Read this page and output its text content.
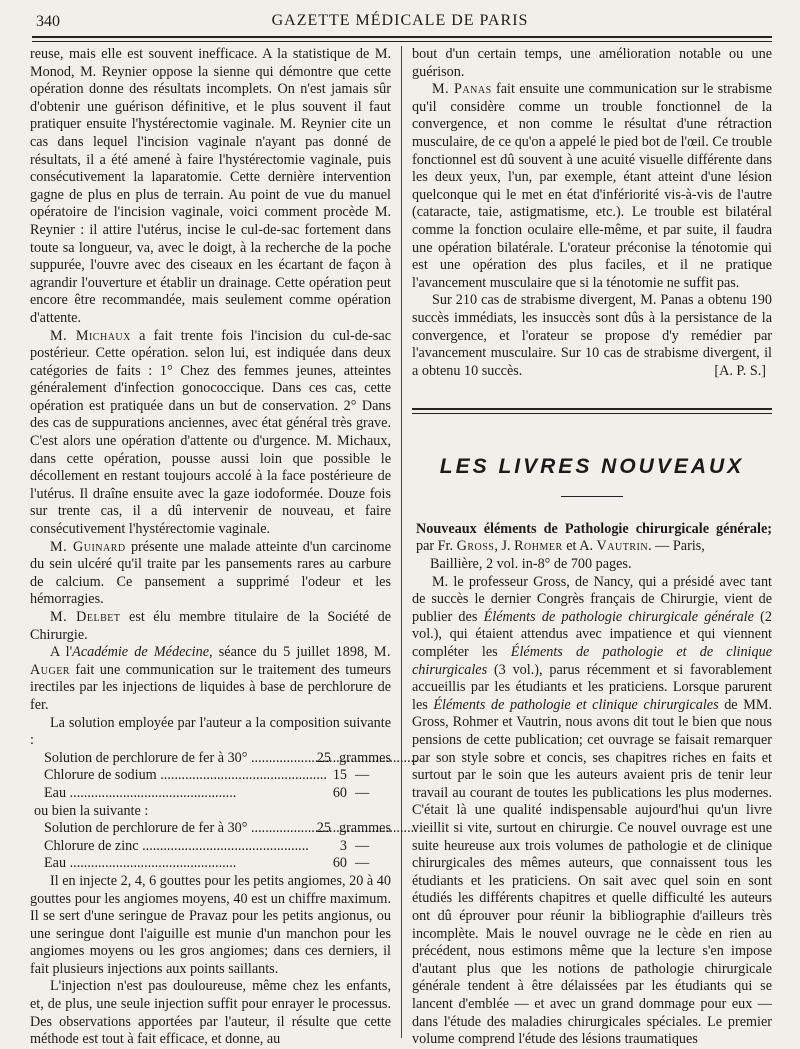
340	GAZETTE MÉDICALE DE PARIS

reuse, mais elle est souvent inefficace. A la statistique de M. Monod, M. Reynier oppose la sienne qui démontre que cette opération donne des résultats incomplets. On n'est jamais sûr d'obtenir une guérison définitive, et le plus souvent il faut pratiquer ensuite l'hystérectomie vaginale. M. Reynier cite un cas dans lequel l'incision vaginale n'ayant pas donné de résultats, il a été amené à faire l'hystérectomie vaginale, puis consécutivement la laparatomie. Cette dernière intervention gagne de plus en plus de terrain. Au point de vue du manuel opératoire de l'incision vaginale, voici comment procède M. Reynier : il attire l'utérus, incise le cul-de-sac fortement dans toute sa longueur, va, avec le doigt, à la recherche de la poche suppurée, l'ouvre avec des ciseaux en les écartant de façon à agrandir l'ouverture et établir un drainage. Cette opération peut encore être recommandée, mais seulement comme opération d'attente.

M. Michaux a fait trente fois l'incision du cul-de-sac postérieur. Cette opération. selon lui, est indiquée dans deux catégories de faits : 1° Chez des femmes jeunes, atteintes généralement d'infection gonococcique. Dans ces cas, cette opération est pratiquée dans un but de conservation. 2° Dans des cas de suppurations anciennes, avec état général très grave. C'est alors une opération d'attente ou d'urgence. M. Michaux, dans cette opération, pousse aussi loin que possible le décollement en restant toujours accolé à la face postérieure de l'utérus. Il draîne ensuite avec la gaze iodoformée. Douze fois sur trente cas, il a dû intervenir de nouveau, et faire consécutivement l'hystérectomie vaginale.

M. Guinard présente une malade atteinte d'un carcinome du sein ulcéré qu'il traite par les pansements rares au carbure de calcium. Ce pansement a supprimé l'odeur et les hémorragies.

M. Delbet est élu membre titulaire de la Société de Chirurgie.

A l'Académie de Médecine, séance du 5 juillet 1898, M. Auger fait une communication sur le traitement des tumeurs irectiles par les injections de liquides à base de perchlorure de fer.

La solution employée par l'auteur a la composition suivante :

Solution de perchlorure de fer à 30° .....	25 grammes
Chlorure de sodium .....	15 —
Eau .....	60 —

ou bien la suivante :

Solution de perchlorure de fer à 30° .....	25 grammes
Chlorure de zinc .....	3 —
Eau .....	60 —

Il en injecte 2, 4, 6 gouttes pour les petits angiomes, 20 à 40 gouttes pour les angiomes moyens, 40 est un chiffre maximum. Il se sert d'une seringue de Pravaz pour les petits angionus, ou une seringue dont l'aiguille est munie d'un manchon pour les angiomes moyens ou les gros angiomes; dans ces derniers, il fait plusieurs injections aux points saillants.

L'injection n'est pas douloureuse, même chez les enfants, et, de plus, une seule injection suffit pour enrayer le processus. Des observations apportées par l'auteur, il résulte que cette méthode est tout à fait efficace, et donne, au

bout d'un certain temps, une amélioration notable ou une guérison.

M. Panas fait ensuite une communication sur le strabisme qu'il considère comme un trouble fonctionnel de la convergence, et non comme le résultat d'une rétraction musculaire, de ce qu'on a appelé le pied bot de l'œil. Ce trouble fonctionnel est dû souvent à une acuité visuelle différente dans les deux yeux, l'un, par exemple, étant atteint d'une lésion quelconque qui le met en état d'infériorité vis-à-vis de l'autre (cataracte, taie, astigmatisme, etc.). Le trouble est bilatéral comme la fonction oculaire elle-même, et par suite, il faudra une opération bilatérale. L'orateur préconise la ténotomie qui est une opération des plus faciles, et il ne pratique l'avancement musculaire que si la ténotomie ne suffit pas.

Sur 210 cas de strabisme divergent, M. Panas a obtenu 190 succès immédiats, les insuccès sont dûs à la persistance de la convergence, et l'orateur se propose d'y remédier par l'avancement musculaire. Sur 10 cas de strabisme divergent, il a obtenu 10 succès.	[A. P. S.]

LES LIVRES NOUVEAUX

Nouveaux éléments de Pathologie chirurgicale générale; par Fr. Gross, J. Rohmer et A. Vautrin. — Paris,
Baillière, 2 vol. in-8° de 700 pages.

M. le professeur Gross, de Nancy, qui a présidé avec tant de succès le dernier Congrès français de Chirurgie, vient de publier des Éléments de pathologie chirurgicale générale (2 vol.), qui étaient attendus avec impatience et qui viennent compléter les Éléments de pathologie et de clinique chirurgicales (3 vol.), parus récemment et si favorablement accueillis par les étudiants et les praticiens. Lorsque parurent les Éléments de pathologie et clinique chirurgicales de MM. Gross, Rohmer et Vautrin, nous avons dit tout le bien que nous pensions de cette publication; cet ouvrage se faisait remarquer par son style sobre et concis, ses chapitres riches en faits et surtout par le soin que les auteurs avaient pris de tenir leur travail au courant de toutes les publications les plus modernes. C'était là une qualité indispensable aujourd'hui qu'un livre vieillit si vite, surtout en chirurgie. Ce nouvel ouvrage est une suite heureuse aux trois volumes de pathologie et de clinique chirurgicales des mêmes auteurs, que connaissent tous les étudiants et les praticiens. On sait avec quel soin en sont étudiés les différents chapitres et quelle difficulté les auteurs ont dû éprouver pour réunir la bibliographie d'ailleurs très incomplète. Mais le nouvel ouvrage ne le cède en rien au précédent, nous estimons même que la lecture s'en impose d'autant plus que les notions de pathologie chirurgicale générale tendent à être délaissées par les étudiants qui se lancent d'emblée — et avec un grand dommage pour eux — dans l'étude des maladies chirurgicales spéciales. Le premier volume comprend l'étude des lésions traumatiques
